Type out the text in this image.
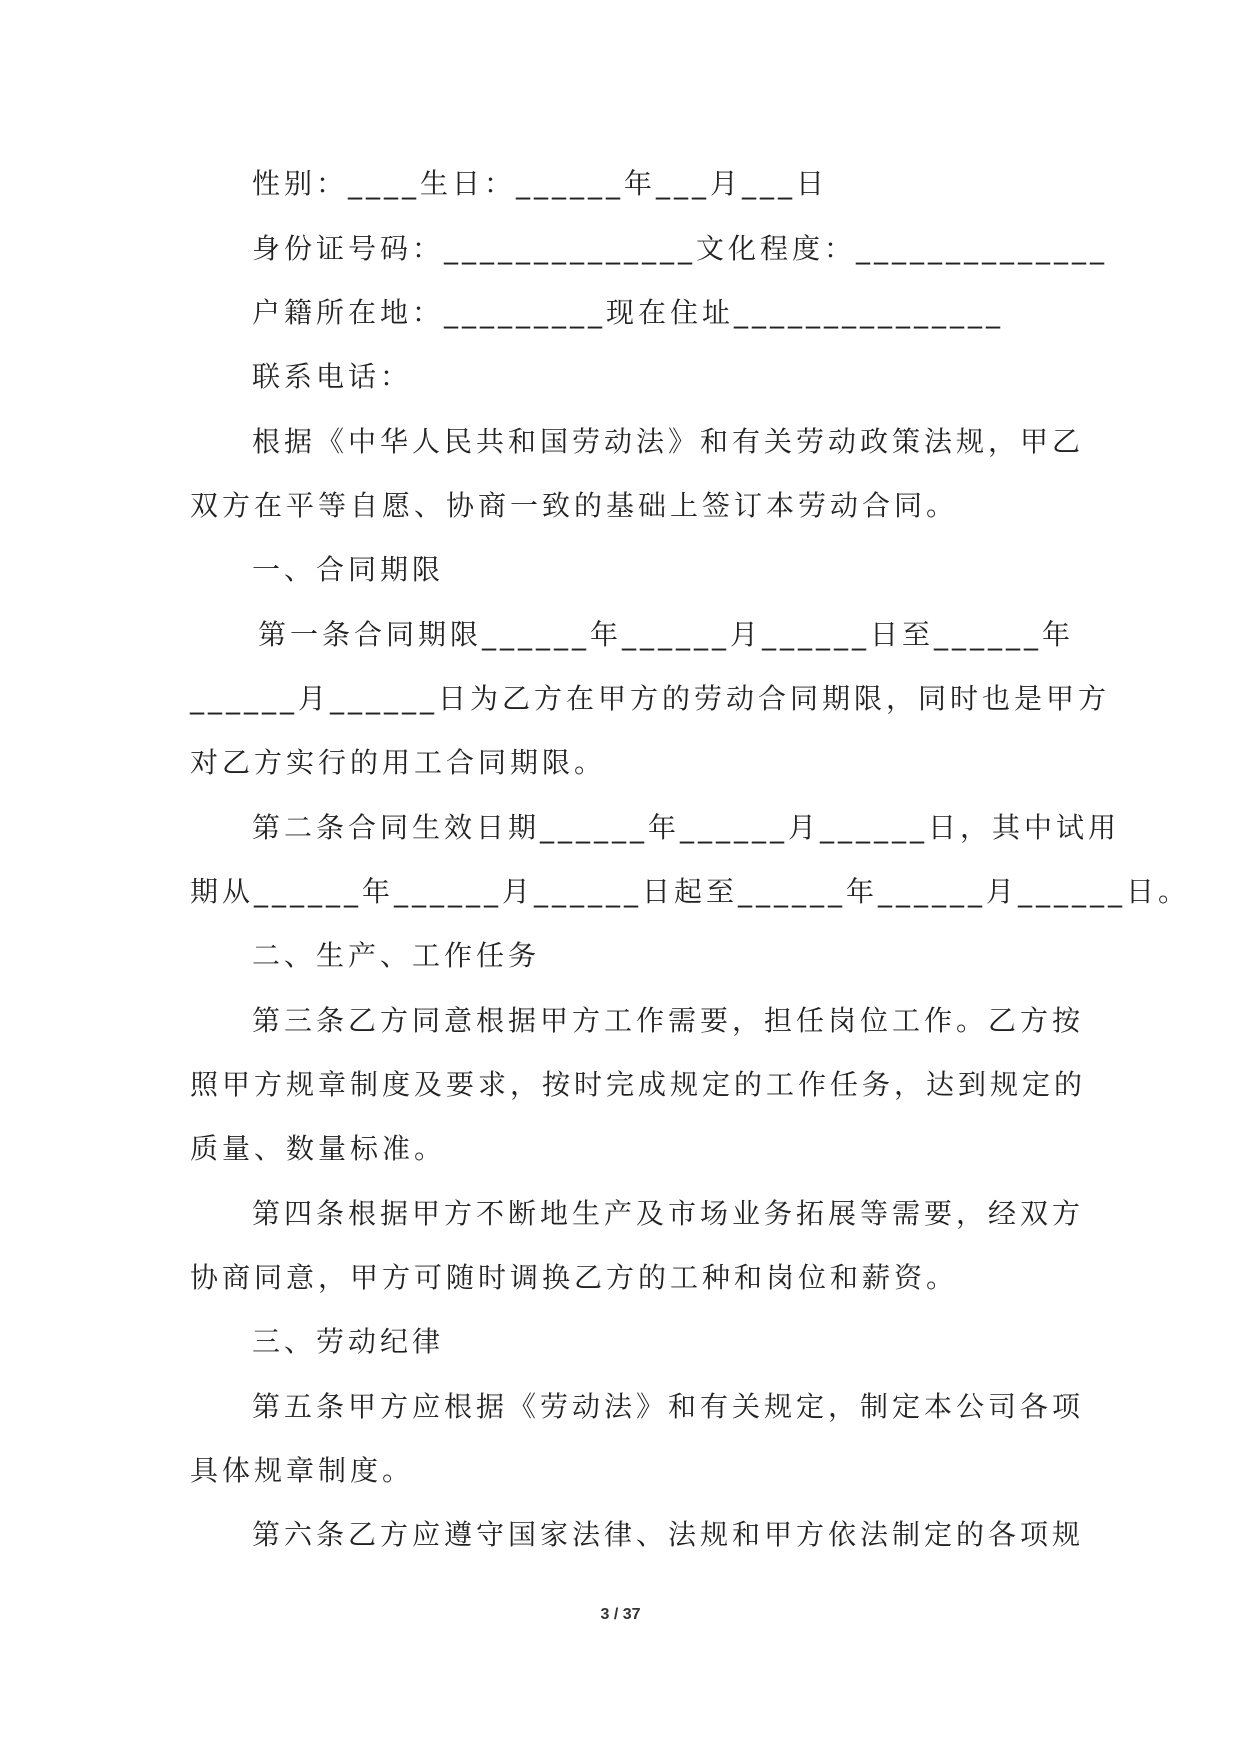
性别：____生日：______年___月___日
身份证号码：______________文化程度：______________
户籍所在地：_________现在住址_______________
联系电话：
根据《中华人民共和国劳动法》和有关劳动政策法规，甲乙
双方在平等自愿、协商一致的基础上签订本劳动合同。
一、合同期限
第一条合同期限______年______月______日至______年
______月______日为乙方在甲方的劳动合同期限，同时也是甲方
对乙方实行的用工合同期限。
第二条合同生效日期______年______月______日，其中试用
期从______年______月______日起至______年______月______日。
二、生产、工作任务
第三条乙方同意根据甲方工作需要，担任岗位工作。乙方按
照甲方规章制度及要求，按时完成规定的工作任务，达到规定的
质量、数量标准。
第四条根据甲方不断地生产及市场业务拓展等需要，经双方
协商同意，甲方可随时调换乙方的工种和岗位和薪资。
三、劳动纪律
第五条甲方应根据《劳动法》和有关规定，制定本公司各项
具体规章制度。
第六条乙方应遵守国家法律、法规和甲方依法制定的各项规
3 / 37
